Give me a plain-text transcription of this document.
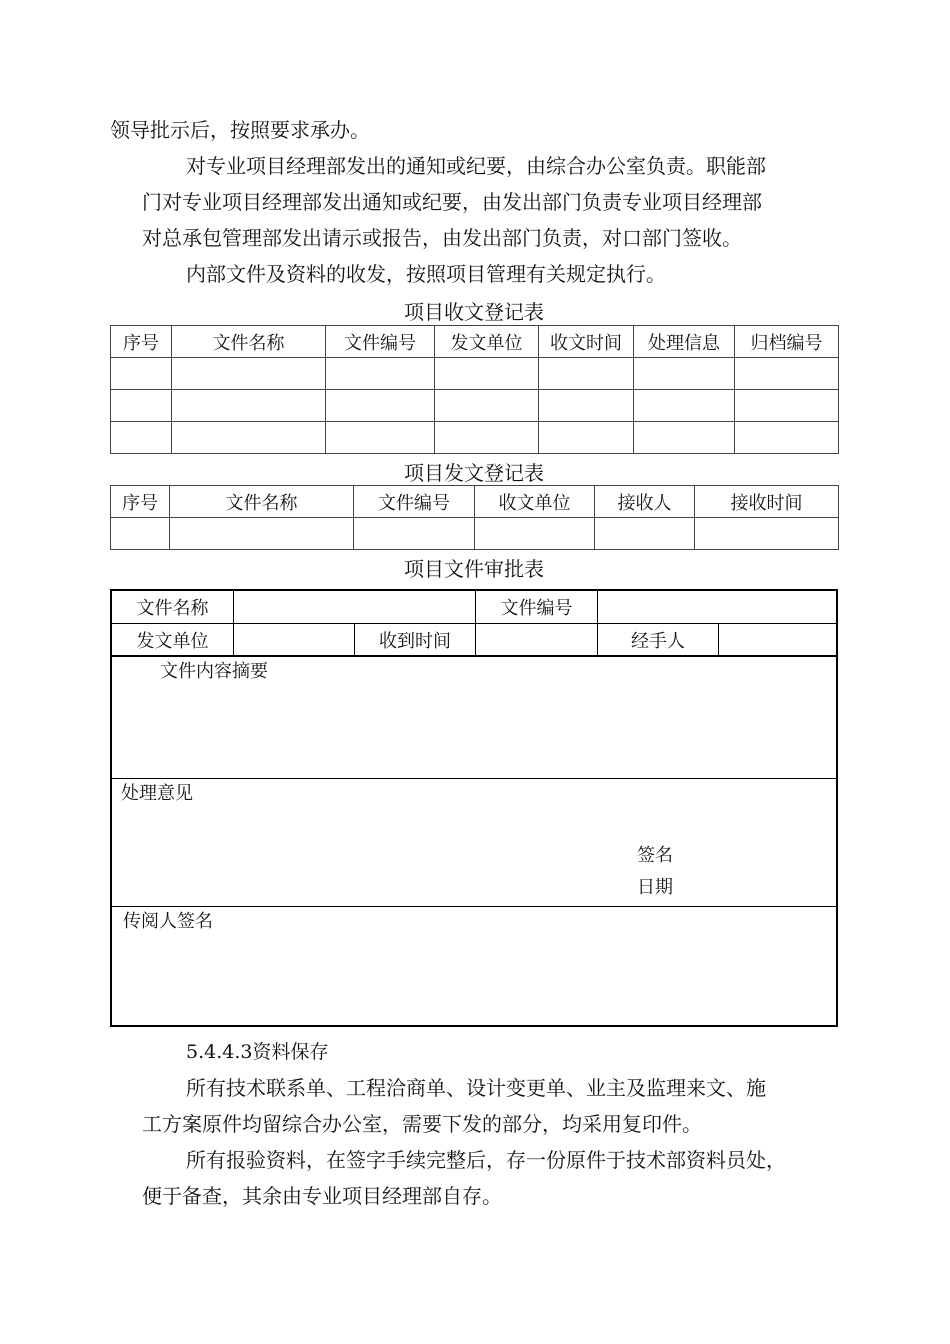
领导批示后，按照要求承办。
对专业项目经理部发出的通知或纪要，由综合办公室负责。职能部
门对专业项目经理部发出通知或纪要，由发出部门负责专业项目经理部
对总承包管理部发出请示或报告，由发出部门负责，对口部门签收。
内部文件及资料的收发，按照项目管理有关规定执行。
项目收文登记表
序号	文件名称	文件编号	发文单位	收文时间	处理信息	归档编号

项目发文登记表
序号	文件名称	文件编号	收文单位	接收人	接收时间

项目文件审批表
文件名称	文件编号
发文单位	收到时间	经手人
文件内容摘要
处理意见
签名
日期
传阅人签名
5.4.4.3资料保存
所有技术联系单、工程洽商单、设计变更单、业主及监理来文、施
工方案原件均留综合办公室，需要下发的部分，均采用复印件。
所有报验资料，在签字手续完整后，存一份原件于技术部资料员处，
便于备查，其余由专业项目经理部自存。
